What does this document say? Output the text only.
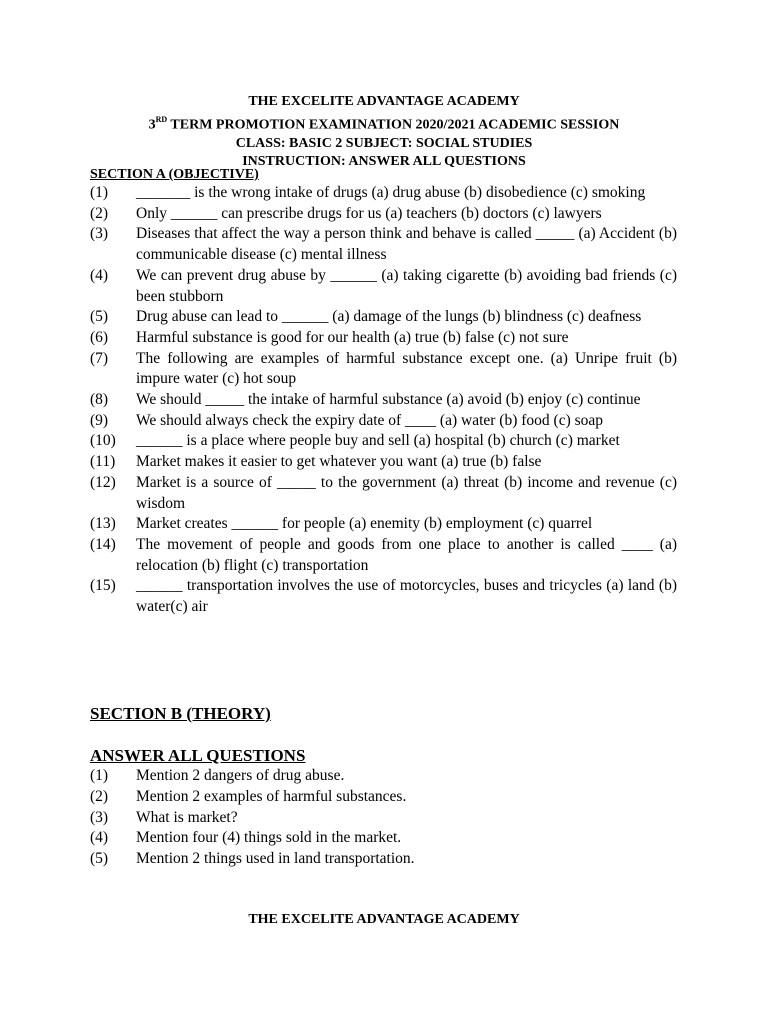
THE EXCELITE ADVANTAGE ACADEMY
3RD TERM PROMOTION EXAMINATION 2020/2021 ACADEMIC SESSION
CLASS: BASIC 2 SUBJECT: SOCIAL STUDIES
INSTRUCTION: ANSWER ALL QUESTIONS
SECTION A (OBJECTIVE)
(1)	_______ is the wrong intake of drugs (a) drug abuse (b) disobedience (c) smoking
(2)	Only ______ can prescribe drugs for us (a) teachers (b) doctors (c) lawyers
(3)	Diseases that affect the way a person think and behave is called _____ (a) Accident (b) communicable disease (c) mental illness
(4)	We can prevent drug abuse by ______ (a) taking cigarette (b) avoiding bad friends (c) been stubborn
(5)	Drug abuse can lead to ______ (a) damage of the lungs (b) blindness (c) deafness
(6)	Harmful substance is good for our health (a) true (b) false (c) not sure
(7)	The following are examples of harmful substance except one. (a) Unripe fruit (b) impure water (c) hot soup
(8)	We should _____ the intake of harmful substance (a) avoid (b) enjoy (c) continue
(9)	We should always check the expiry date of ____ (a) water (b) food (c) soap
(10)	______ is a place where people buy and sell (a) hospital (b) church (c) market
(11)	Market makes it easier to get whatever you want (a) true (b) false
(12)	Market is a source of _____ to the government (a) threat (b) income and revenue (c) wisdom
(13)	Market creates ______ for people (a) enemity (b) employment (c) quarrel
(14)	The movement of people and goods from one place to another is called ____ (a) relocation (b) flight (c) transportation
(15)	______ transportation involves the use of motorcycles, buses and tricycles (a) land (b) water(c) air
SECTION B (THEORY)
ANSWER ALL QUESTIONS
(1)	Mention 2 dangers of drug abuse.
(2)	Mention 2 examples of harmful substances.
(3)	What is market?
(4)	Mention four (4) things sold in the market.
(5)	Mention 2 things used in land transportation.
THE EXCELITE ADVANTAGE ACADEMY
